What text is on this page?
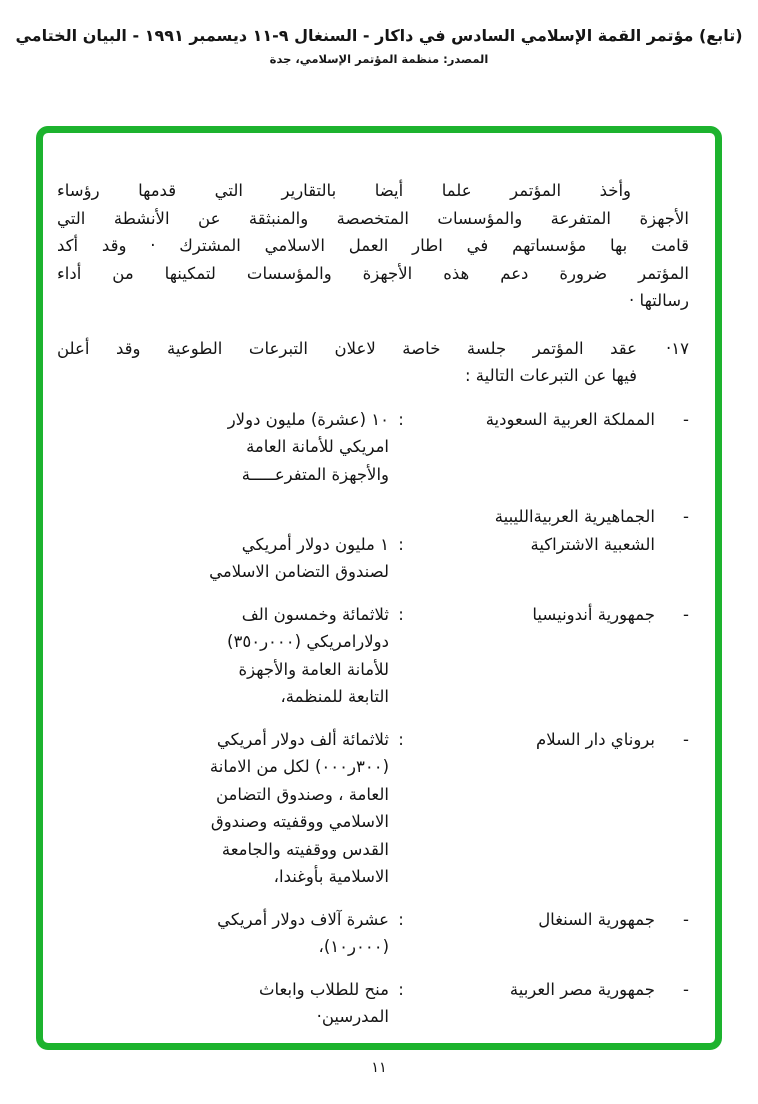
(تابع) مؤتمر القمة الإسلامي السادس في داكار - السنغال ٩-١١ ديسمبر ١٩٩١ - البيان الختامي
المصدر: منظمة المؤتمر الإسلامي، جدة
وأخذ المؤتمر علما أيضا بالتقارير التي قدمها رؤساء
الأجهزة المتفرعة والمؤسسات المتخصصة والمنبثقة عن الأنشطة التي
قامت بها مؤسساتهم في اطار العمل الاسلامي المشترك · وقد أكد
المؤتمر ضرورة دعم هذه الأجهزة والمؤسسات لتمكينها من أداء
رسالتها ·
١٧·
عقد المؤتمر جلسة خاصة لاعلان التبرعات الطوعية وقد أعلن
فيها عن التبرعات التالية :
-
المملكة العربية السعودية
:
١٠ (عشرة) مليون دولار
امريكي للأمانة العامة
والأجهزة المتفرعـــــة
-
الجماهيرية العربيةالليبية
الشعبية الاشتراكية
:
١ مليون دولار أمريكي
لصندوق التضامن الاسلامي
-
جمهورية أندونيسيا
:
ثلاثمائة وخمسون الف
دولارامريكي (٠٠٠ر٣٥٠)
للأمانة العامة والأجهزة
التابعة للمنظمة،
-
بروناي دار السلام
:
ثلاثمائة ألف دولار أمريكي
(٣٠٠ر٠٠٠) لكل من الامانة
العامة ، وصندوق التضامن
الاسلامي ووقفيته وصندوق
القدس ووقفيته والجامعة
الاسلامية بأوغندا،
-
جمهورية السنغال
:
عشرة آلاف دولار أمريكي
(٠٠٠ر١٠)،
-
جمهورية مصر العربية
:
منح للطلاب وابعاث
المدرسين·
١١
